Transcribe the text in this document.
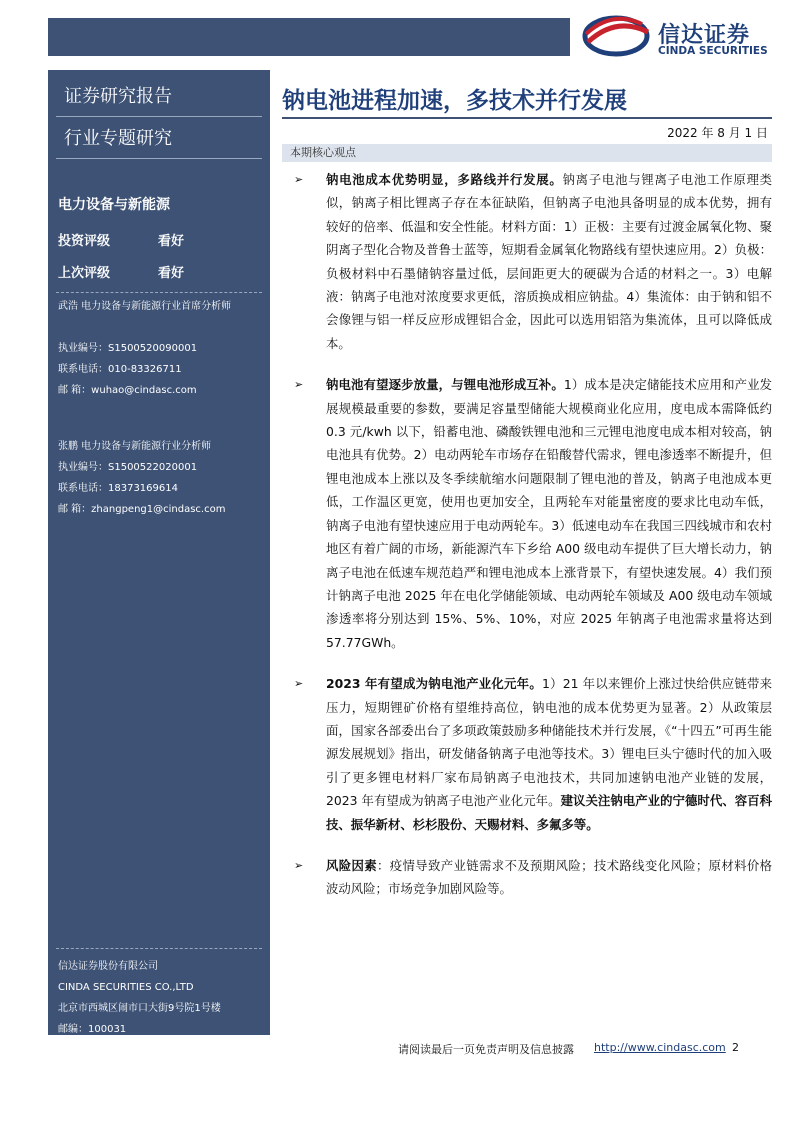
信达证券
CINDA SECURITIES
证券研究报告
行业专题研究
电力设备与新能源
投资评级	看好
上次评级	看好
武浩 电力设备与新能源行业首席分析师
执业编号：S1500520090001
联系电话：010-83326711
邮 箱：wuhao@cindasc.com
张鹏 电力设备与新能源行业分析师
执业编号：S1500522020001
联系电话：18373169614
邮 箱：zhangpeng1@cindasc.com
信达证券股份有限公司
CINDA SECURITIES CO.,LTD
北京市西城区闹市口大街9号院1号楼
邮编：100031
钠电池进程加速，多技术并行发展
2022 年 8 月 1 日
本期核心观点
➢ 钠电池成本优势明显，多路线并行发展。钠离子电池与锂离子电池工作原理类似，钠离子相比锂离子存在本征缺陷，但钠离子电池具备明显的成本优势，拥有较好的倍率、低温和安全性能。材料方面：1）正极：主要有过渡金属氧化物、聚阴离子型化合物及普鲁士蓝等，短期看金属氧化物路线有望快速应用。2）负极：负极材料中石墨储钠容量过低，层间距更大的硬碳为合适的材料之一。3）电解液：钠离子电池对浓度要求更低，溶质换成相应钠盐。4）集流体：由于钠和铝不会像锂与铝一样反应形成锂铝合金，因此可以选用铝箔为集流体，且可以降低成本。
➢ 钠电池有望逐步放量，与锂电池形成互补。1）成本是决定储能技术应用和产业发展规模最重要的参数，要满足容量型储能大规模商业化应用，度电成本需降低约 0.3 元/kwh 以下，铅蓄电池、磷酸铁锂电池和三元锂电池度电成本相对较高，钠电池具有优势。2）电动两轮车市场存在铅酸替代需求，锂电渗透率不断提升，但锂电池成本上涨以及冬季续航缩水问题限制了锂电池的普及，钠离子电池成本更低，工作温区更宽，使用也更加安全，且两轮车对能量密度的要求比电动车低，钠离子电池有望快速应用于电动两轮车。3）低速电动车在我国三四线城市和农村地区有着广阔的市场，新能源汽车下乡给 A00 级电动车提供了巨大增长动力，钠离子电池在低速车规范趋严和锂电池成本上涨背景下，有望快速发展。4）我们预计钠离子电池 2025 年在电化学储能领域、电动两轮车领域及 A00 级电动车领域渗透率将分别达到 15%、5%、10%，对应 2025 年钠离子电池需求量将达到 57.77GWh。
➢ 2023 年有望成为钠电池产业化元年。1）21 年以来锂价上涨过快给供应链带来压力，短期锂矿价格有望维持高位，钠电池的成本优势更为显著。2）从政策层面，国家各部委出台了多项政策鼓励多种储能技术并行发展，《“十四五”可再生能源发展规划》指出，研发储备钠离子电池等技术。3）锂电巨头宁德时代的加入吸引了更多锂电材料厂家布局钠离子电池技术，共同加速钠电池产业链的发展，2023 年有望成为钠离子电池产业化元年。建议关注钠电产业的宁德时代、容百科技、振华新材、杉杉股份、天赐材料、多氟多等。
➢ 风险因素：疫情导致产业链需求不及预期风险；技术路线变化风险；原材料价格波动风险；市场竞争加剧风险等。
请阅读最后一页免责声明及信息披露 http://www.cindasc.com 2
